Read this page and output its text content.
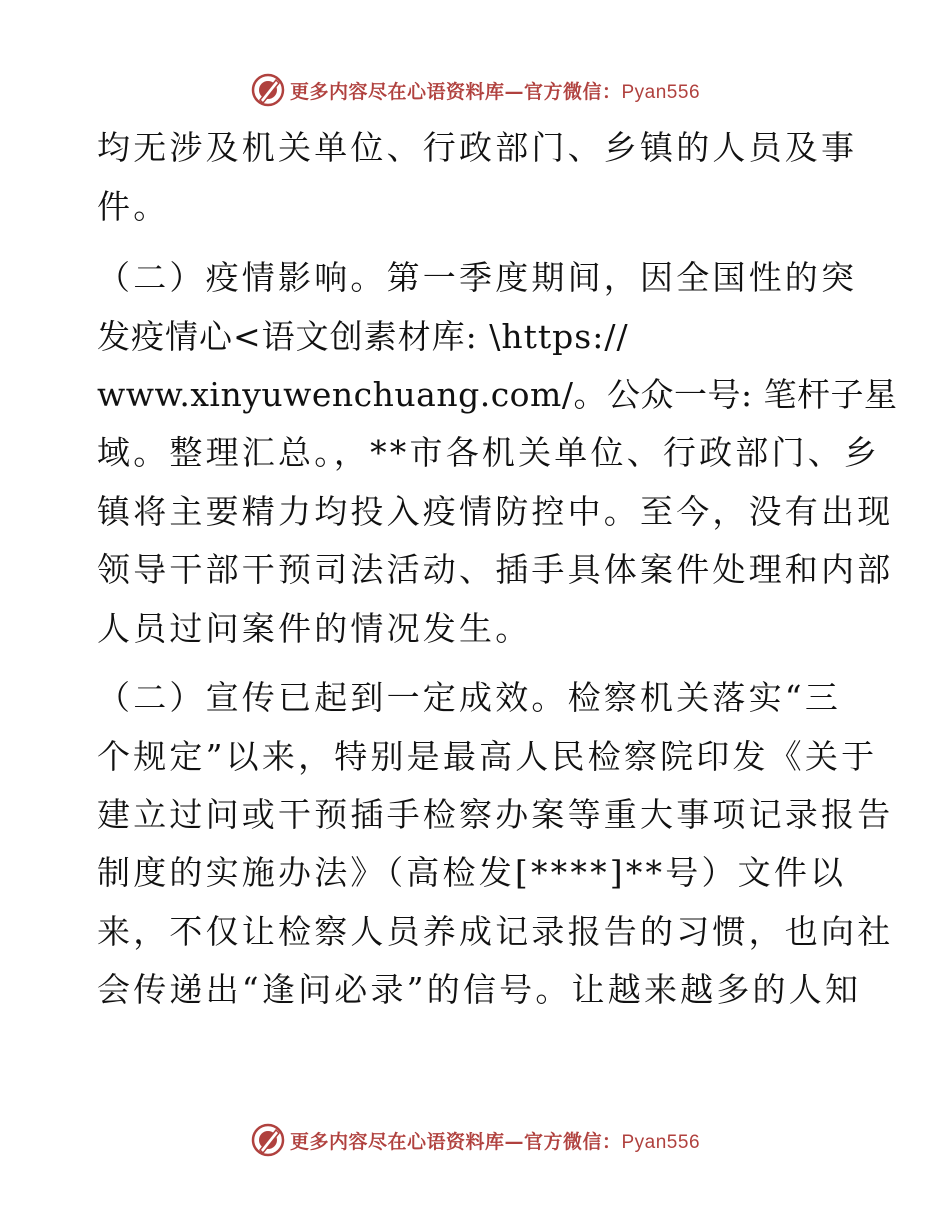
更多内容尽在心语资料库—官方微信：Pyan556
均无涉及机关单位、行政部门、乡镇的人员及事
件。
（二）疫情影响。第一季度期间，因全国性的突
发疫情心<语文创素材库: \https://
www.xinyuwenchuang.com/。公众一号: 笔杆子星
域。整理汇总。，**市各机关单位、行政部门、乡
镇将主要精力均投入疫情防控中。至今，没有出现
领导干部干预司法活动、插手具体案件处理和内部
人员过问案件的情况发生。
（二）宣传已起到一定成效。检察机关落实“三
个规定”以来，特别是最高人民检察院印发《关于
建立过问或干预插手检察办案等重大事项记录报告
制度的实施办法》（高检发[****]**号）文件以
来，不仅让检察人员养成记录报告的习惯，也向社
会传递出“逢问必录”的信号。让越来越多的人知
更多内容尽在心语资料库—官方微信：Pyan556
